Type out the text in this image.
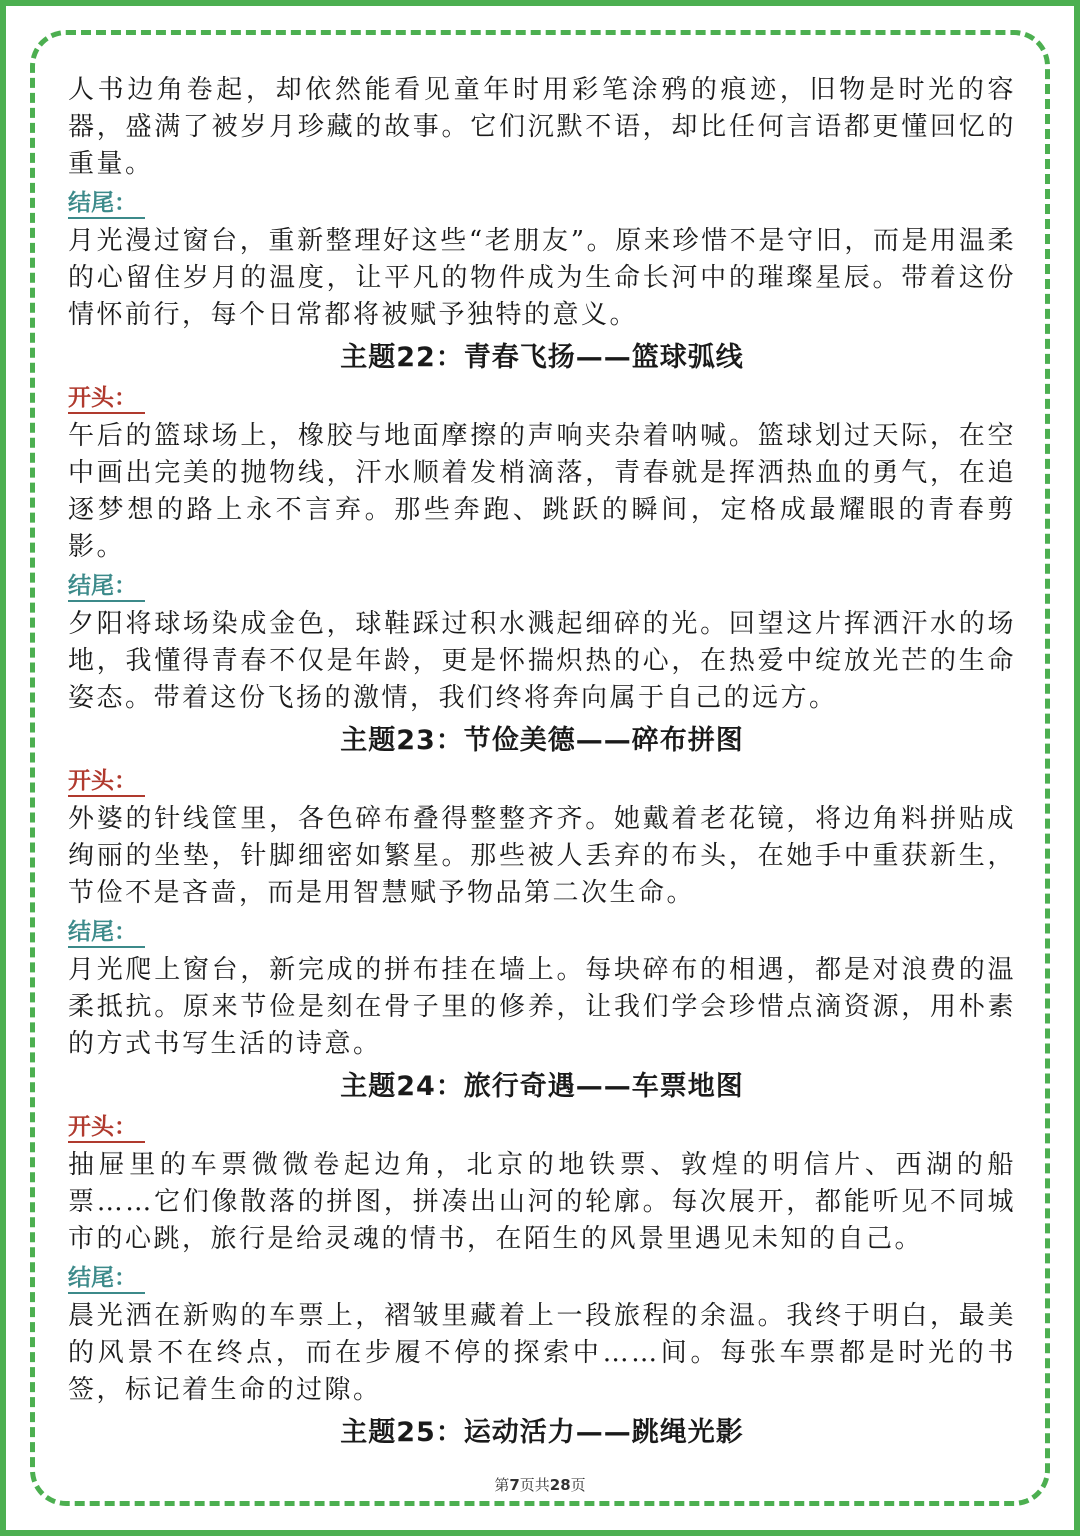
人书边角卷起，却依然能看见童年时用彩笔涂鸦的痕迹，旧物是时光的容器，盛满了被岁月珍藏的故事。它们沉默不语，却比任何言语都更懂回忆的重量。

结尾：

月光漫过窗台，重新整理好这些“老朋友”。原来珍惜不是守旧，而是用温柔的心留住岁月的温度，让平凡的物件成为生命长河中的璀璨星辰。带着这份情怀前行，每个日常都将被赋予独特的意义。

主题22：青春飞扬——篮球弧线
开头：

午后的篮球场上，橡胶与地面摩擦的声响夹杂着呐喊。篮球划过天际，在空中画出完美的抛物线，汗水顺着发梢滴落，青春就是挥洒热血的勇气，在追逐梦想的路上永不言弃。那些奔跑、跳跃的瞬间，定格成最耀眼的青春剪影。

结尾：

夕阳将球场染成金色，球鞋踩过积水溅起细碎的光。回望这片挥洒汗水的场地，我懂得青春不仅是年龄，更是怀揣炽热的心，在热爱中绽放光芒的生命姿态。带着这份飞扬的激情，我们终将奔向属于自己的远方。

主题23：节俭美德——碎布拼图
开头：

外婆的针线筐里，各色碎布叠得整整齐齐。她戴着老花镜，将边角料拼贴成绚丽的坐垫，针脚细密如繁星。那些被人丢弃的布头，在她手中重获新生，节俭不是吝啬，而是用智慧赋予物品第二次生命。

结尾：

月光爬上窗台，新完成的拼布挂在墙上。每块碎布的相遇，都是对浪费的温柔抵抗。原来节俭是刻在骨子里的修养，让我们学会珍惜点滴资源，用朴素的方式书写生活的诗意。

主题24：旅行奇遇——车票地图
开头：

抽屉里的车票微微卷起边角，北京的地铁票、敦煌的明信片、西湖的船票……它们像散落的拼图，拼凑出山河的轮廓。每次展开，都能听见不同城市的心跳，旅行是给灵魂的情书，在陌生的风景里遇见未知的自己。

结尾：

晨光洒在新购的车票上，褶皱里藏着上一段旅程的余温。我终于明白，最美的风景不在终点，而在步履不停的探索中……间。每张车票都是时光的书签，标记着生命的过隙。

主题25：运动活力——跳绳光影
第7页共28页
